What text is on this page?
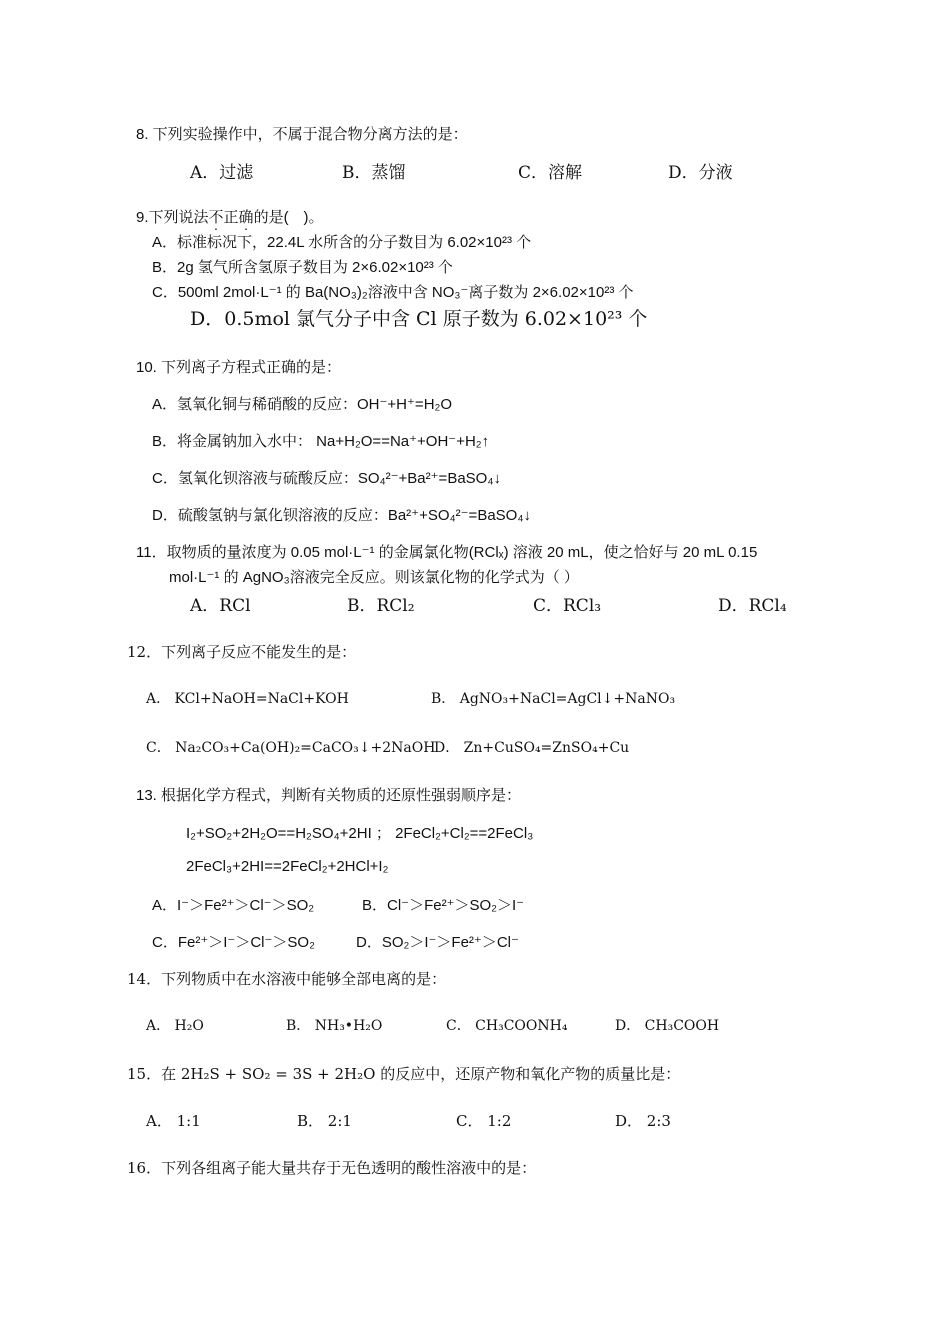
8. 下列实验操作中，不属于混合物分离方法的是：
A．过滤	B．蒸馏	C．溶解	D．分液
9.下列说法不正确的是(　)。
A．标准标况下，22.4L 水所含的分子数目为 6.02×10²³ 个
B．2g 氢气所含氢原子数目为 2×6.02×10²³ 个
C．500ml 2mol·L⁻¹ 的 Ba(NO₃)₂溶液中含 NO₃⁻离子数为 2×6.02×10²³ 个
D．0.5mol 氯气分子中含 Cl 原子数为 6.02×10²³ 个
10. 下列离子方程式正确的是：
A．氢氧化铜与稀硝酸的反应：OH⁻+H⁺=H₂O
B．将金属钠加入水中： Na+H₂O==Na⁺+OH⁻+H₂↑
C．氢氧化钡溶液与硫酸反应：SO₄²⁻+Ba²⁺=BaSO₄↓
D．硫酸氢钠与氯化钡溶液的反应：Ba²⁺+SO₄²⁻=BaSO₄↓
11．取物质的量浓度为 0.05 mol·L⁻¹ 的金属氯化物(RClₓ) 溶液 20 mL，使之恰好与 20 mL 0.15
mol·L⁻¹ 的 AgNO₃溶液完全反应。则该氯化物的化学式为（ ）
A．RCl	B．RCl₂	C．RCl₃	D．RCl₄
12．下列离子反应不能发生的是：
A． KCl+NaOH=NaCl+KOH	B． AgNO₃+NaCl=AgCl↓+NaNO₃
C． Na₂CO₃+Ca(OH)₂=CaCO₃↓+2NaOH
D． Zn+CuSO₄=ZnSO₄+Cu
13. 根据化学方程式，判断有关物质的还原性强弱顺序是：
I₂+SO₂+2H₂O==H₂SO₄+2HI ； 2FeCl₂+Cl₂==2FeCl₃
2FeCl₃+2HI==2FeCl₂+2HCl+I₂
A．I⁻＞Fe²⁺＞Cl⁻＞SO₂	B．Cl⁻＞Fe²⁺＞SO₂＞I⁻
C．Fe²⁺＞I⁻＞Cl⁻＞SO₂	D．SO₂＞I⁻＞Fe²⁺＞Cl⁻
14．下列物质中在水溶液中能够全部电离的是：
A． H₂O	B． NH₃•H₂O	C． CH₃COONH₄	D． CH₃COOH
15．在 2H₂S + SO₂ = 3S + 2H₂O 的反应中，还原产物和氧化产物的质量比是：
A． 1:1	B． 2:1	C． 1:2	D． 2:3
16．下列各组离子能大量共存于无色透明的酸性溶液中的是：
